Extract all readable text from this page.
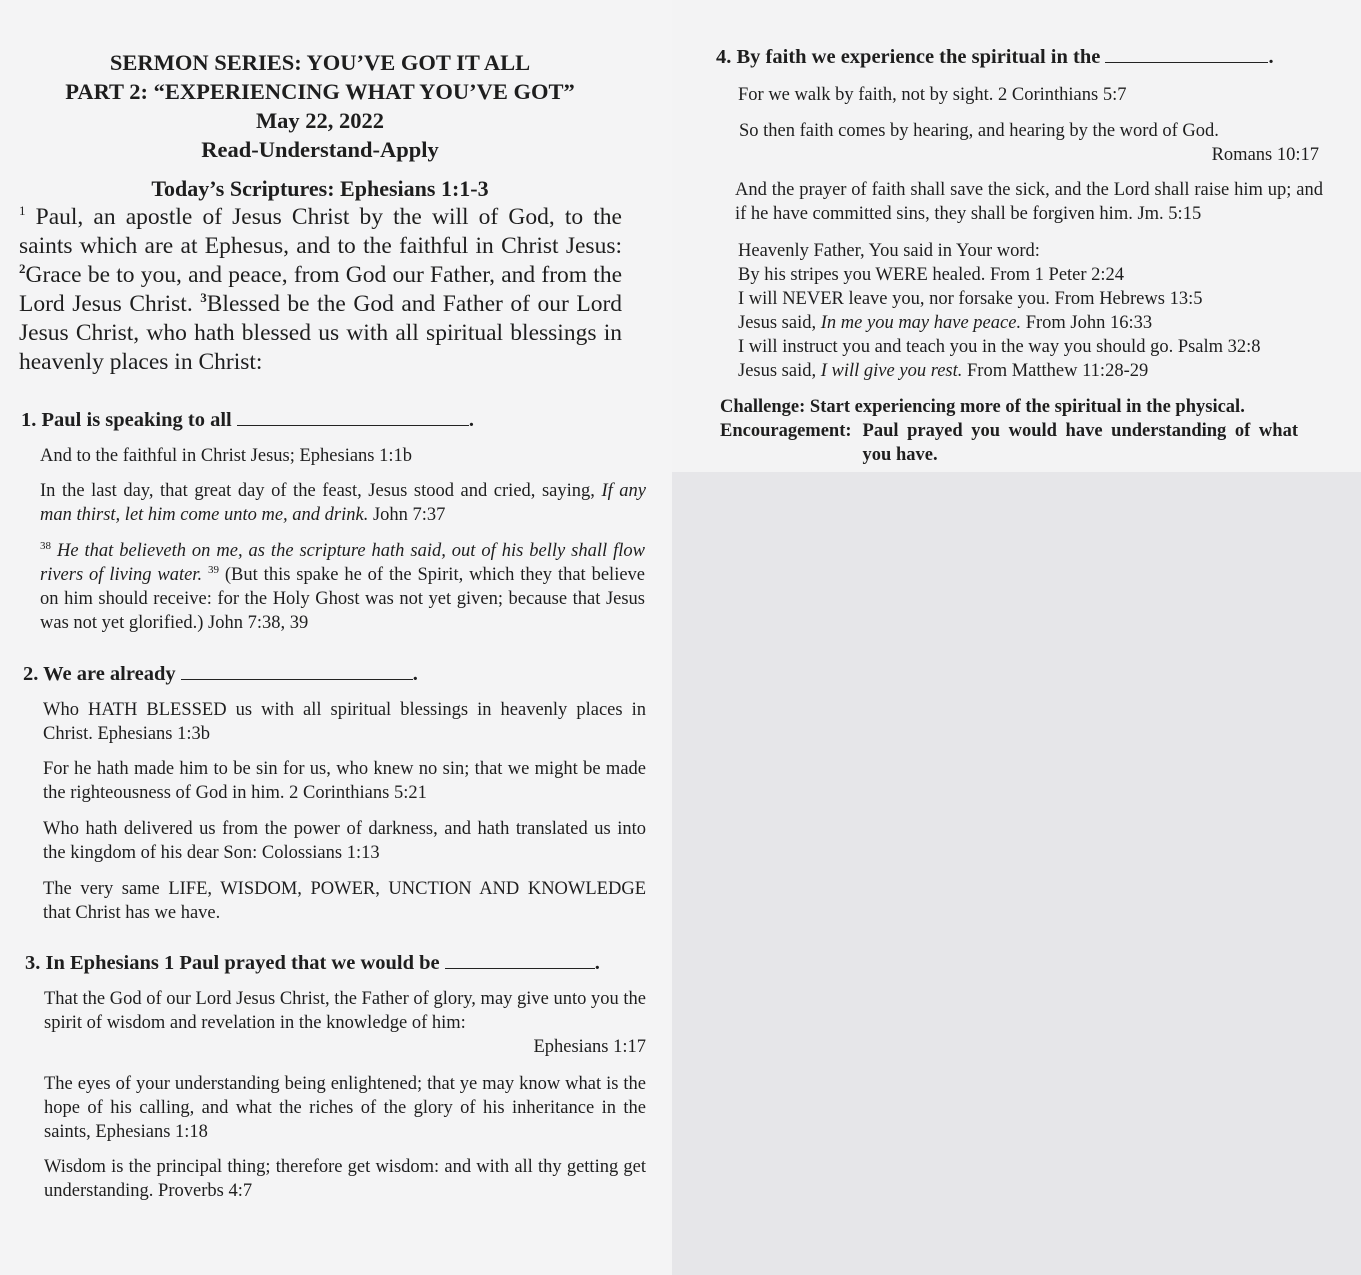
SERMON SERIES: YOU’VE GOT IT ALL
PART 2: “EXPERIENCING WHAT YOU’VE GOT”
May 22, 2022
Read-Understand-Apply
Today’s Scriptures: Ephesians 1:1-3
$^1$ Paul, an apostle of Jesus Christ by the will of God, to the saints which are at Ephesus, and to the faithful in Christ Jesus: $^2$Grace be to you, and peace, from God our Father, and from the Lord Jesus Christ. $^3$Blessed be the God and Father of our Lord Jesus Christ, who hath blessed us with all spiritual blessings in heavenly places in Christ:
1. Paul is speaking to all	.
And to the faithful in Christ Jesus; Ephesians 1:1b
In the last day, that great day of the feast, Jesus stood and cried, saying, If any man thirst, let him come unto me, and drink. John 7:37
$^{38}$ He that believeth on me, as the scripture hath said, out of his belly shall flow rivers of living water. $^{39}$ (But this spake he of the Spirit, which they that believe on him should receive: for the Holy Ghost was not yet given; because that Jesus was not yet glorified.) John 7:38, 39
2. We are already	.
Who HATH BLESSED us with all spiritual blessings in heavenly places in Christ. Ephesians 1:3b
For he hath made him to be sin for us, who knew no sin; that we might be made the righteousness of God in him. 2 Corinthians 5:21
Who hath delivered us from the power of darkness, and hath translated us into the kingdom of his dear Son: Colossians 1:13
The very same LIFE, WISDOM, POWER, UNCTION AND KNOWLEDGE that Christ has we have.
3. In Ephesians 1 Paul prayed that we would be	.
That the God of our Lord Jesus Christ, the Father of glory, may give unto you the spirit of wisdom and revelation in the knowledge of him:
Ephesians 1:17
The eyes of your understanding being enlightened; that ye may know what is the hope of his calling, and what the riches of the glory of his inheritance in the saints, Ephesians 1:18
Wisdom is the principal thing; therefore get wisdom: and with all thy getting get understanding. Proverbs 4:7
4. By faith we experience the spiritual in the	.
For we walk by faith, not by sight. 2 Corinthians 5:7
So then faith comes by hearing, and hearing by the word of God.
Romans 10:17
And the prayer of faith shall save the sick, and the Lord shall raise him up; and if he have committed sins, they shall be forgiven him. Jm. 5:15
Heavenly Father, You said in Your word:
By his stripes you WERE healed. From 1 Peter 2:24
I will NEVER leave you, nor forsake you. From Hebrews 13:5
Jesus said, In me you may have peace. From John 16:33
I will instruct you and teach you in the way you should go. Psalm 32:8
Jesus said, I will give you rest. From Matthew 11:28-29
Challenge: Start experiencing more of the spiritual in the physical.
Encouragement: Paul prayed you would have understanding of what you have.
